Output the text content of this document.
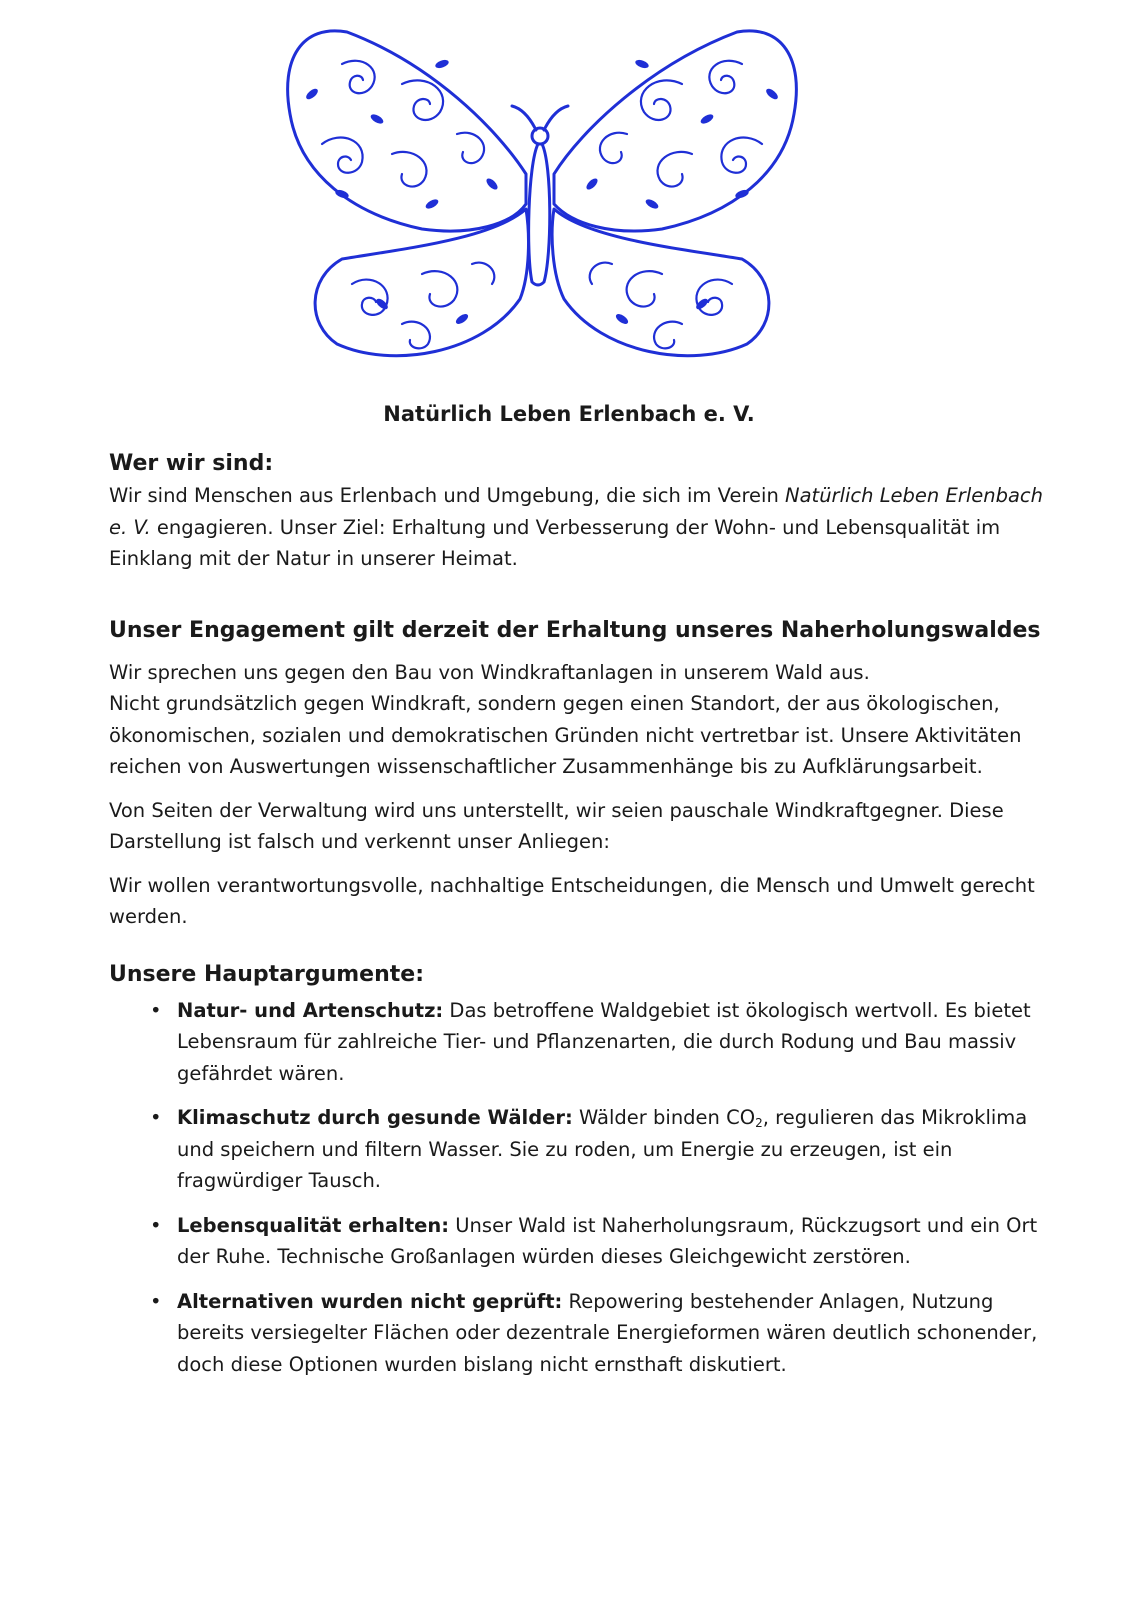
Natürlich Leben Erlenbach e. V.
Wer wir sind:

Wir sind Menschen aus Erlenbach und Umgebung, die sich im Verein Natürlich Leben Erlenbach e. V. engagieren. Unser Ziel: Erhaltung und Verbesserung der Wohn- und Lebensqualität im Einklang mit der Natur in unserer Heimat.

Unser Engagement gilt derzeit der Erhaltung unseres Naherholungswaldes

Wir sprechen uns gegen den Bau von Windkraftanlagen in unserem Wald aus.

Nicht grundsätzlich gegen Windkraft, sondern gegen einen Standort, der aus ökologischen, ökonomischen, sozialen und demokratischen Gründen nicht vertretbar ist. Unsere Aktivitäten reichen von Auswertungen wissenschaftlicher Zusammenhänge bis zu Aufklärungsarbeit.

Von Seiten der Verwaltung wird uns unterstellt, wir seien pauschale Windkraftgegner. Diese Darstellung ist falsch und verkennt unser Anliegen:

Wir wollen verantwortungsvolle, nachhaltige Entscheidungen, die Mensch und Umwelt gerecht werden.

Unsere Hauptargumente:
• Natur- und Artenschutz: Das betroffene Waldgebiet ist ökologisch wertvoll. Es bietet Lebensraum für zahlreiche Tier- und Pflanzenarten, die durch Rodung und Bau massiv gefährdet wären.
• Klimaschutz durch gesunde Wälder: Wälder binden $CO_2$, regulieren das Mikroklima und speichern und filtern Wasser. Sie zu roden, um Energie zu erzeugen, ist ein fragwürdiger Tausch.
• Lebensqualität erhalten: Unser Wald ist Naherholungsraum, Rückzugsort und ein Ort der Ruhe. Technische Großanlagen würden dieses Gleichgewicht zerstören.
• Alternativen wurden nicht geprüft: Repowering bestehender Anlagen, Nutzung bereits versiegelter Flächen oder dezentrale Energieformen wären deutlich schonender, doch diese Optionen wurden bislang nicht ernsthaft diskutiert.
